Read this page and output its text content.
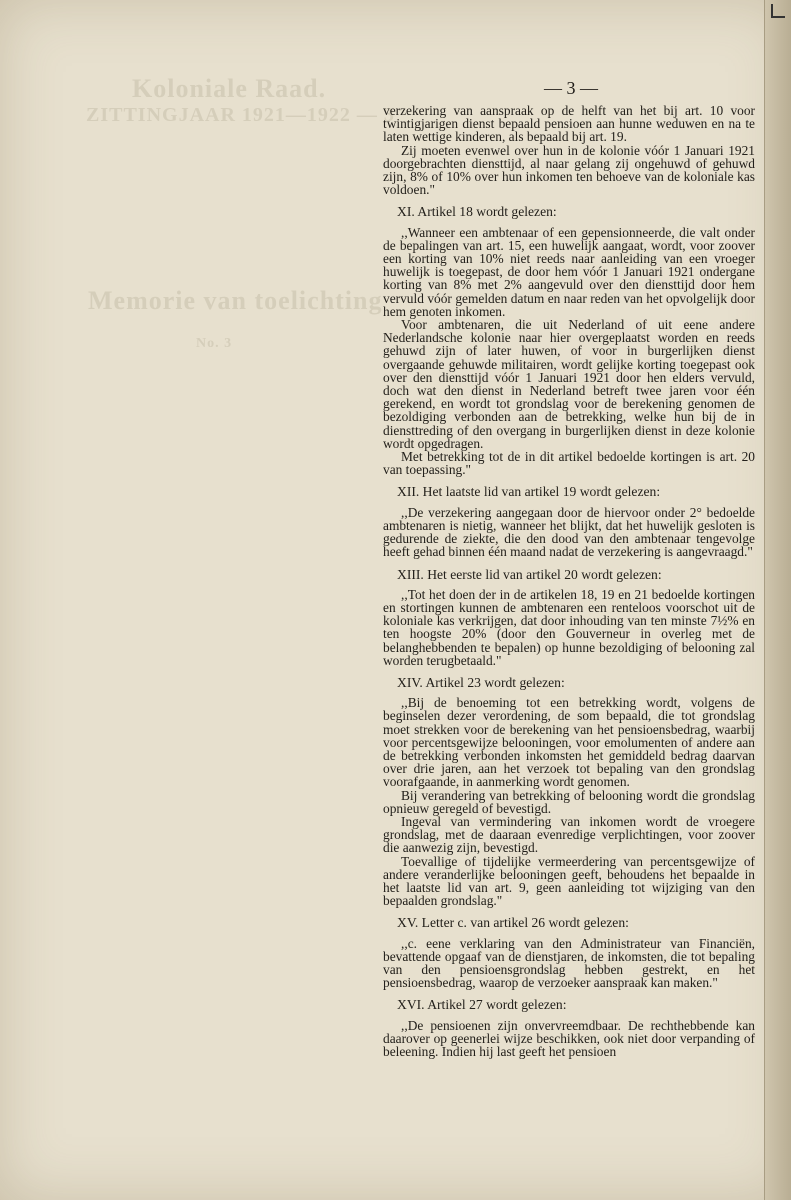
Koloniale Raad.
ZITTINGJAAR 1921—1922 — 3
Memorie van toelichting
No. 3
— 3 —

verzekering van aanspraak op de helft van het bij art. 10 voor twintigjarigen dienst bepaald pensioen aan hunne weduwen en na te laten wettige kinderen, als bepaald bij art. 19.

Zij moeten evenwel over hun in de kolonie vóór 1 Januari 1921 doorgebrachten diensttijd, al naar gelang zij ongehuwd of gehuwd zijn, 8% of 10% over hun inkomen ten behoeve van de koloniale kas voldoen."

XI. Artikel 18 wordt gelezen:

,,Wanneer een ambtenaar of een gepensionneerde, die valt onder de bepalingen van art. 15, een huwelijk aangaat, wordt, voor zoover een korting van 10% niet reeds naar aanleiding van een vroeger huwelijk is toegepast, de door hem vóór 1 Januari 1921 ondergane korting van 8% met 2% aangevuld over den diensttijd door hem vervuld vóór gemelden datum en naar reden van het opvolgelijk door hem genoten inkomen.

Voor ambtenaren, die uit Nederland of uit eene andere Nederlandsche kolonie naar hier overgeplaatst worden en reeds gehuwd zijn of later huwen, of voor in burgerlijken dienst overgaande gehuwde militairen, wordt gelijke korting toegepast ook over den diensttijd vóór 1 Januari 1921 door hen elders vervuld, doch wat den dienst in Nederland betreft twee jaren voor één gerekend, en wordt tot grondslag voor de berekening genomen de bezoldiging verbonden aan de betrekking, welke hun bij de in diensttreding of den overgang in burgerlijken dienst in deze kolonie wordt opgedragen.

Met betrekking tot de in dit artikel bedoelde kortingen is art. 20 van toepassing."

XII. Het laatste lid van artikel 19 wordt gelezen:

,,De verzekering aangegaan door de hiervoor onder 2° bedoelde ambtenaren is nietig, wanneer het blijkt, dat het huwelijk gesloten is gedurende de ziekte, die den dood van den ambtenaar tengevolge heeft gehad binnen één maand nadat de verzekering is aangevraagd."

XIII. Het eerste lid van artikel 20 wordt gelezen:

,,Tot het doen der in de artikelen 18, 19 en 21 bedoelde kortingen en stortingen kunnen de ambtenaren een renteloos voorschot uit de koloniale kas verkrijgen, dat door inhouding van ten minste 7½% en ten hoogste 20% (door den Gouverneur in overleg met de belanghebbenden te bepalen) op hunne bezoldiging of belooning zal worden terugbetaald."

XIV. Artikel 23 wordt gelezen:

,,Bij de benoeming tot een betrekking wordt, volgens de beginselen dezer verordening, de som bepaald, die tot grondslag moet strekken voor de berekening van het pensioensbedrag, waarbij voor percentsgewijze belooningen, voor emolumenten of andere aan de betrekking verbonden inkomsten het gemiddeld bedrag daarvan over drie jaren, aan het verzoek tot bepaling van den grondslag voorafgaande, in aanmerking wordt genomen.

Bij verandering van betrekking of belooning wordt die grondslag opnieuw geregeld of bevestigd.

Ingeval van vermindering van inkomen wordt de vroegere grondslag, met de daaraan evenredige verplichtingen, voor zoover die aanwezig zijn, bevestigd.

Toevallige of tijdelijke vermeerdering van percentsgewijze of andere veranderlijke belooningen geeft, behoudens het bepaalde in het laatste lid van art. 9, geen aanleiding tot wijziging van den bepaalden grondslag."

XV. Letter c. van artikel 26 wordt gelezen:

,,c. eene verklaring van den Administrateur van Financiën, bevattende opgaaf van de dienstjaren, de inkomsten, die tot bepaling van den pensioensgrondslag hebben gestrekt, en het pensioensbedrag, waarop de verzoeker aanspraak kan maken."

XVI. Artikel 27 wordt gelezen:

,,De pensioenen zijn onvervreemdbaar. De rechthebbende kan daarover op geenerlei wijze beschikken, ook niet door verpanding of beleening. Indien hij last geeft het pensioen
